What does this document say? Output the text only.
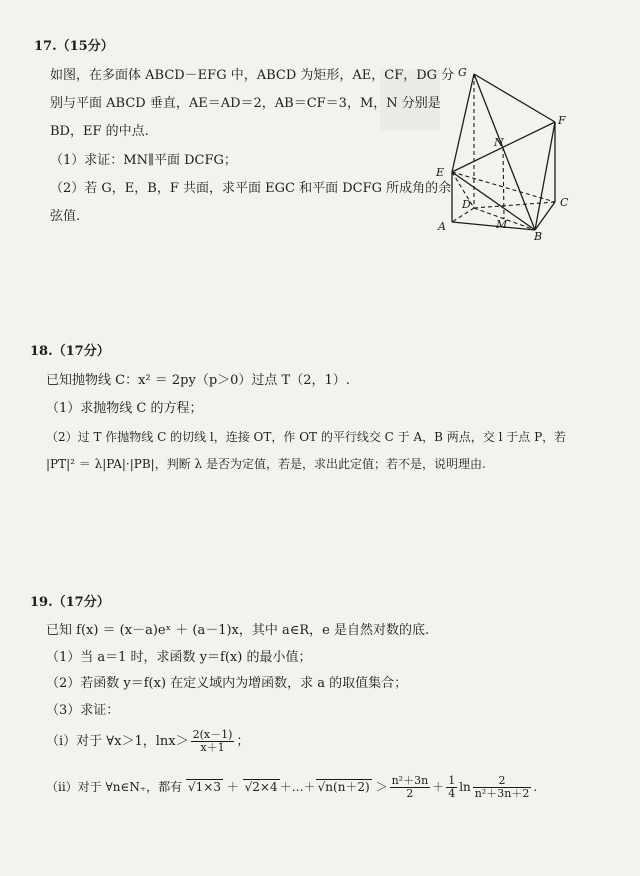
17.（15分）
如图，在多面体 ABCD－EFG 中，ABCD 为矩形，AE，CF，DG 分
别与平面 ABCD 垂直，AE＝AD＝2，AB＝CF＝3，M，N 分别是
BD，EF 的中点.
（1）求证：MN∥平面 DCFG；
（2）若 G，E，B，F 共面，求平面 EGC 和平面 DCFG 所成角的余
弦值.
G
F
N
E
D	C
M
A
B
18.（17分）
已知抛物线 C：x² ＝ 2py（p＞0）过点 T（2，1）.
（1）求抛物线 C 的方程；
（2）过 T 作抛物线 C 的切线 l，连接 OT，作 OT 的平行线交 C 于 A，B 两点，交 l 于点 P，若
|PT|² ＝ λ|PA|·|PB|，判断 λ 是否为定值，若是，求出此定值；若不是，说明理由.
19.（17分）
已知 f(x) ＝ (x－a)eˣ ＋ (a－1)x，其中 a∈R，e 是自然对数的底.
（1）当 a＝1 时，求函数 y＝f(x) 的最小值；
（2）若函数 y＝f(x) 在定义域内为增函数，求 a 的取值集合；
（3）求证：
（i）对于 ∀x＞1，$\ln x> \frac{2(x-1)}{x+1}$ ；
（ii）对于 ∀n∈N₊，都有 √1×3 ＋ √2×4 ＋…＋ $√n(n+2) > \frac{\text{n²＋3n}}{2} + \frac{1}{4}$ $\ln \frac{2}{\text{n²＋3n＋2}}$ .
